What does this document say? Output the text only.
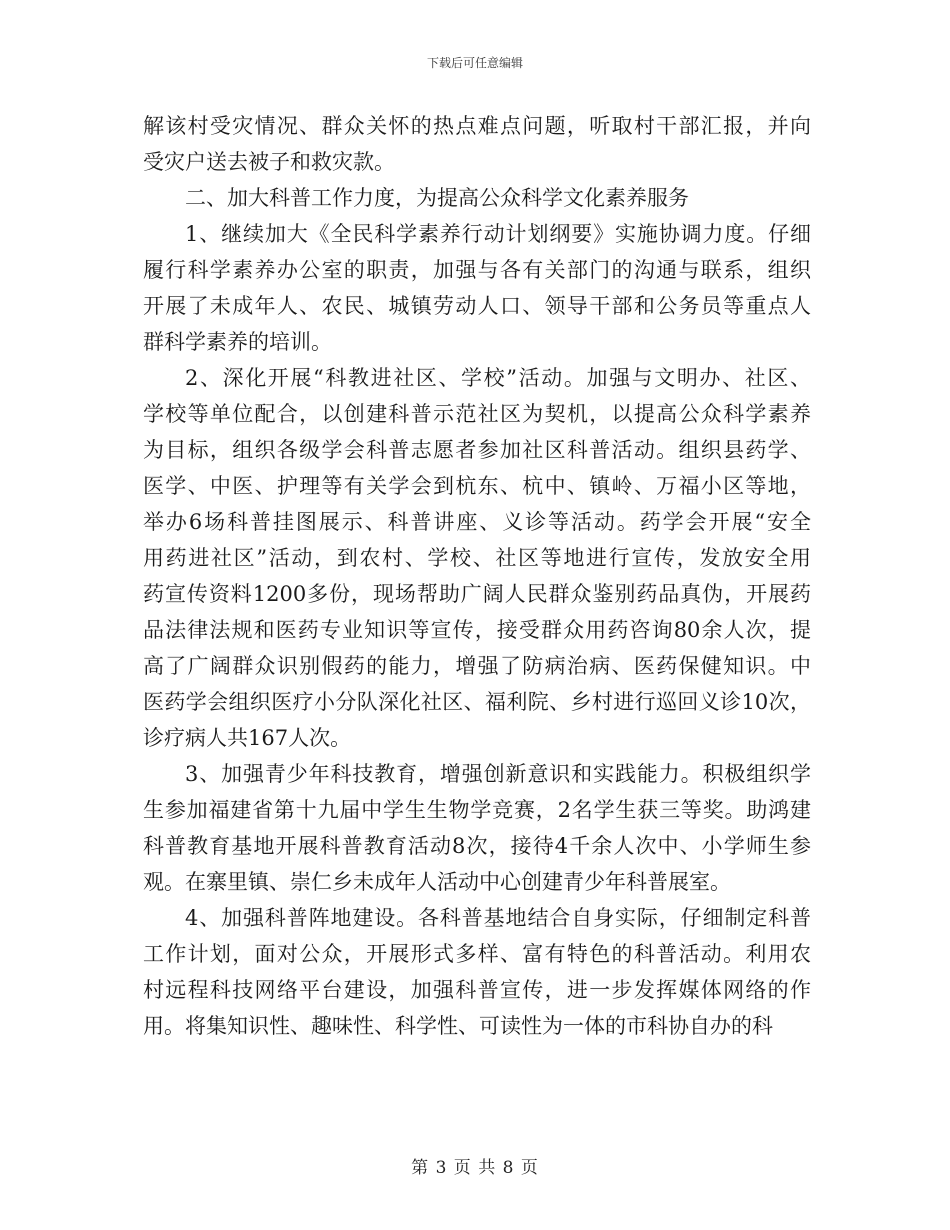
下载后可任意编辑
解该村受灾情况、群众关怀的热点难点问题，听取村干部汇报，并向
受灾户送去被子和救灾款。
二、加大科普工作力度，为提高公众科学文化素养服务
1、继续加大《全民科学素养行动计划纲要》实施协调力度。仔细
履行科学素养办公室的职责，加强与各有关部门的沟通与联系，组织
开展了未成年人、农民、城镇劳动人口、领导干部和公务员等重点人
群科学素养的培训。
2、深化开展“科教进社区、学校”活动。加强与文明办、社区、
学校等单位配合，以创建科普示范社区为契机，以提高公众科学素养
为目标，组织各级学会科普志愿者参加社区科普活动。组织县药学、
医学、中医、护理等有关学会到杭东、杭中、镇岭、万福小区等地，
举办6场科普挂图展示、科普讲座、义诊等活动。药学会开展“安全
用药进社区”活动，到农村、学校、社区等地进行宣传，发放安全用
药宣传资料1200多份，现场帮助广阔人民群众鉴别药品真伪，开展药
品法律法规和医药专业知识等宣传，接受群众用药咨询80余人次，提
高了广阔群众识别假药的能力，增强了防病治病、医药保健知识。中
医药学会组织医疗小分队深化社区、福利院、乡村进行巡回义诊10次，
诊疗病人共167人次。
3、加强青少年科技教育，增强创新意识和实践能力。积极组织学
生参加福建省第十九届中学生生物学竞赛，2名学生获三等奖。助鸿建
科普教育基地开展科普教育活动8次，接待4千余人次中、小学师生参
观。在寨里镇、崇仁乡未成年人活动中心创建青少年科普展室。
4、加强科普阵地建设。各科普基地结合自身实际，仔细制定科普
工作计划，面对公众，开展形式多样、富有特色的科普活动。利用农
村远程科技网络平台建设，加强科普宣传，进一步发挥媒体网络的作
用。将集知识性、趣味性、科学性、可读性为一体的市科协自办的科
第 3 页 共 8 页
